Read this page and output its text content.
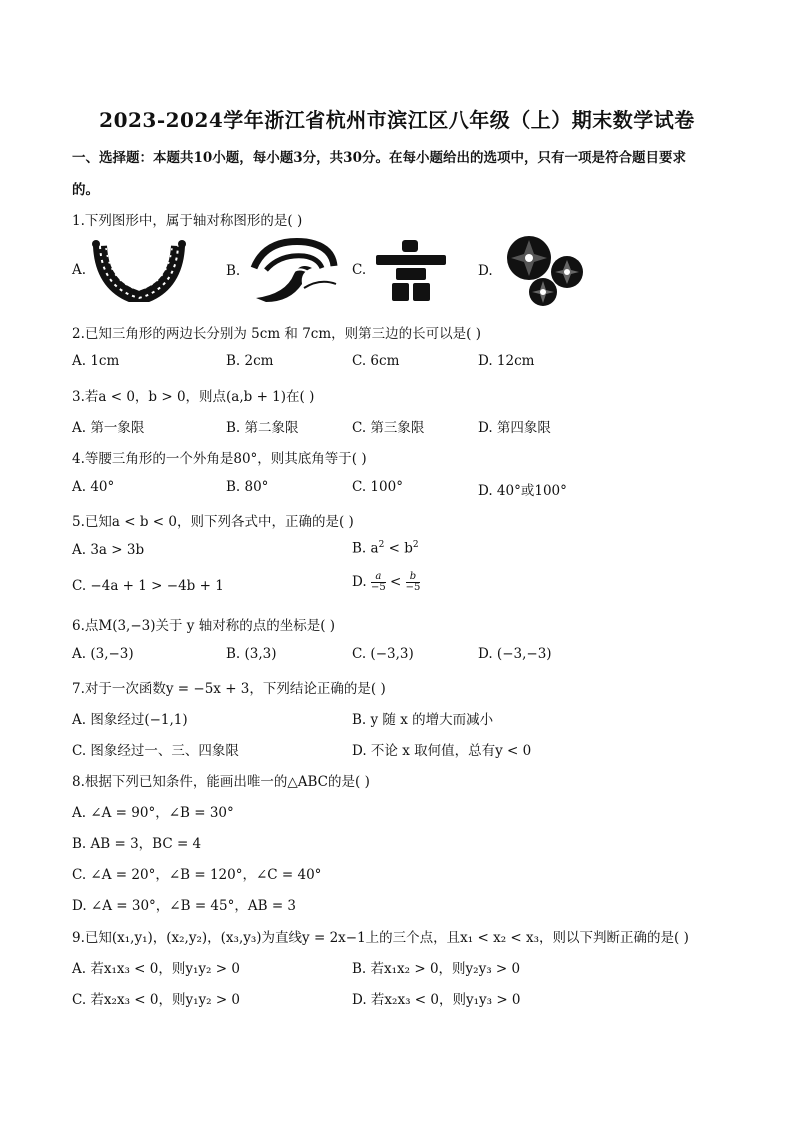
2023-2024学年浙江省杭州市滨江区八年级（上）期末数学试卷
一、选择题：本题共10小题，每小题3分，共30分。在每小题给出的选项中，只有一项是符合题目要求
的。
1.下列图形中，属于轴对称图形的是( )
A.	B.	C.	D.
2.已知三角形的两边长分别为 5cm 和 7cm，则第三边的长可以是( )
A. 1cm	B. 2cm	C. 6cm	D. 12cm
3.若a < 0，b > 0，则点(a,b + 1)在( )
A. 第一象限	B. 第二象限	C. 第三象限	D. 第四象限
4.等腰三角形的一个外角是80°，则其底角等于( )
A. 40°	B. 80°	C. 100°	D. 40°或100°
5.已知a < b < 0，则下列各式中，正确的是( )
A. 3a > 3b	B. $a^2 < b^2$
C. −4a + 1 > −4b + 1	D. $\frac{a}{-5} < \frac{b}{-5}$
6.点M(3,−3)关于 y 轴对称的点的坐标是( )
A. (3,−3)	B. (3,3)	C. (−3,3)	D. (−3,−3)
7.对于一次函数y = −5x + 3，下列结论正确的是( )
A. 图象经过(−1,1)	B. y 随 x 的增大而减小
C. 图象经过一、三、四象限	D. 不论 x 取何值，总有y < 0
8.根据下列已知条件，能画出唯一的△ABC的是( )
A. ∠A = 90°，∠B = 30°
B. AB = 3，BC = 4
C. ∠A = 20°，∠B = 120°，∠C = 40°
D. ∠A = 30°，∠B = 45°，AB = 3
9.已知(x₁,y₁)，(x₂,y₂)，(x₃,y₃)为直线y = 2x−1上的三个点，且x₁ < x₂ < x₃，则以下判断正确的是( )
A. 若x₁x₃ < 0，则y₁y₂ > 0	B. 若x₁x₂ > 0，则y₂y₃ > 0
C. 若x₂x₃ < 0，则y₁y₂ > 0	D. 若x₂x₃ < 0，则y₁y₃ > 0
